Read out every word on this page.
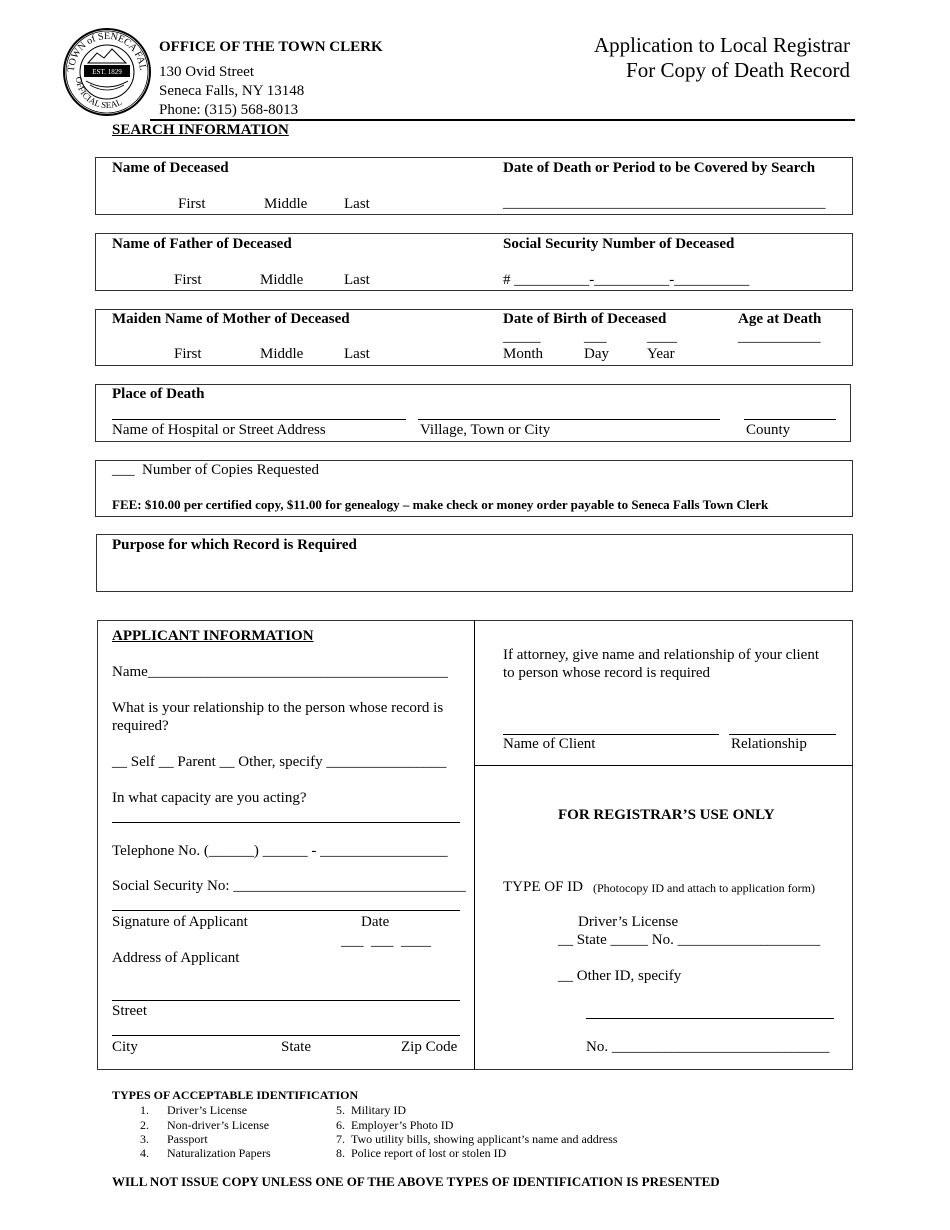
TOWN of SENECA FAL
OFFICIAL SEAL
EST. 1829
OFFICE OF THE TOWN CLERK
130 Ovid Street
Seneca Falls, NY 13148
Phone: (315) 568-8013
Application to Local Registrar
For Copy of Death Record
SEARCH INFORMATION
Name of Deceased
First	Middle Last
Date of Death or Period to be Covered by Search
___________________________________________
Name of Father of Deceased
First	Middle	Last
Social Security Number of Deceased
# __________-__________-__________
Maiden Name of Mother of Deceased
First	Middle	Last
Date of Birth of Deceased
_____	___	____
Month	Day	Year
Age at Death
___________
Place of Death
Name of Hospital or Street Address	Village, Town or City	County
___  Number of Copies Requested
FEE: $10.00 per certified copy, $11.00 for genealogy – make check or money order payable to Seneca Falls Town Clerk
Purpose for which Record is Required
APPLICANT INFORMATION
Name________________________________________
What is your relationship to the person whose record is
required?
__ Self __ Parent __ Other, specify ________________
In what capacity are you acting?
Telephone No. (______) ______ - _________________
Social Security No: _______________________________
Signature of Applicant	Date
___  ___  ____
Address of Applicant
Street
City	State	Zip Code
If attorney, give name and relationship of your client
to person whose record is required
Name of Client	Relationship
FOR REGISTRAR’S USE ONLY
TYPE OF ID (Photocopy ID and attach to application form)
Driver’s License
__ State _____ No. ___________________
__ Other ID, specify
No. _____________________________
TYPES OF ACCEPTABLE IDENTIFICATION
1. Driver’s License
2. Non-driver’s License
3. Passport
4. Naturalization Papers
5. Military ID
6. Employer’s Photo ID
7. Two utility bills, showing applicant’s name and address
8. Police report of lost or stolen ID
WILL NOT ISSUE COPY UNLESS ONE OF THE ABOVE TYPES OF IDENTIFICATION IS PRESENTED
